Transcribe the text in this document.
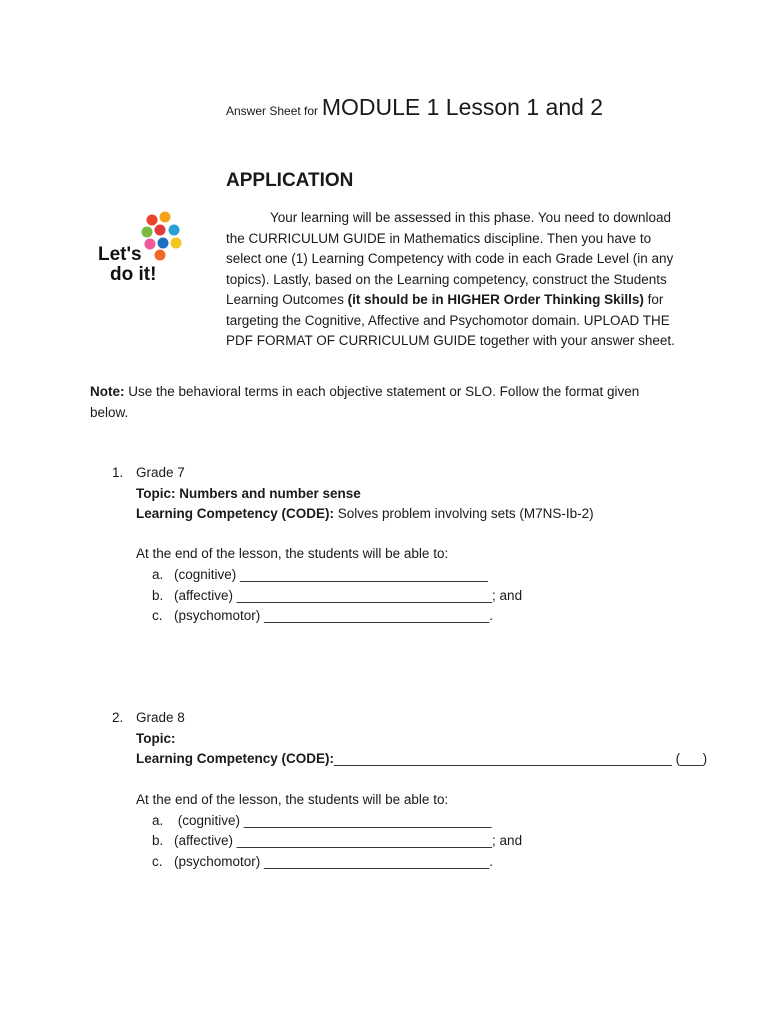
Answer Sheet for MODULE 1 Lesson 1 and 2
APPLICATION
Let's
do it!
Your learning will be assessed in this phase. You need to download the CURRICULUM GUIDE in Mathematics discipline. Then you have to select one (1) Learning Competency with code in each Grade Level (in any topics). Lastly, based on the Learning competency, construct the Students Learning Outcomes (it should be in HIGHER Order Thinking Skills) for targeting the Cognitive, Affective and Psychomotor domain. UPLOAD THE PDF FORMAT OF CURRICULUM GUIDE together with your answer sheet.
Note: Use the behavioral terms in each objective statement or SLO. Follow the format given below.
1. Grade 7
Topic: Numbers and number sense
Learning Competency (CODE): Solves problem involving sets (M7NS-Ib-2)
At the end of the lesson, the students will be able to:
a. (cognitive) _________________________________
b. (affective) __________________________________; and
c. (psychomotor) ______________________________.
2. Grade 8
Topic:
Learning Competency (CODE):_____________________________________________ (___)
At the end of the lesson, the students will be able to:
a. (cognitive) _________________________________
b. (affective) __________________________________; and
c. (psychomotor) ______________________________.
